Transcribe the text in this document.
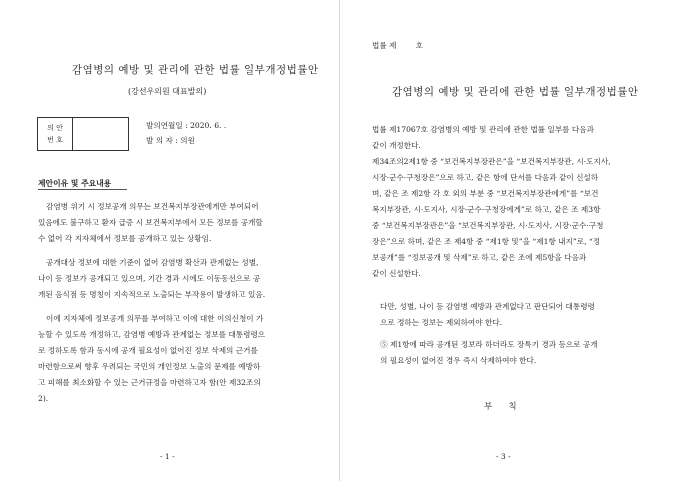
감염병의 예방 및 관리에 관한 법률 일부개정법률안
(강선우의원 대표발의)
의 안
번 호
발의연월일 : 2020. 6. .
발 의 자 : 의원
제안이유 및 주요내용
감염병 위기 시 정보공개 의무는 보건복지부장관에게만 부여되어
있음에도 불구하고 환자 급증 시 보건복지부에서 모든 정보를 공개할
수 없어 각 지자체에서 정보를 공개하고 있는 상황임.
공개대상 정보에 대한 기준이 없어 감염병 확산과 관계없는 성별,
나이 등 정보가 공개되고 있으며, 기간 경과 시에도 이동동선으로 공
개된 음식점 등 명칭이 지속적으로 노출되는 부작용이 발생하고 있음.
이에 지자체에 정보공개 의무를 부여하고 이에 대한 이의신청이 가
능할 수 있도록 개정하고, 감염병 예방과 관계없는 정보를 대통령령으
로 정하도록 함과 동시에 공개 필요성이 없어진 정보 삭제의 근거를
마련함으로써 향후 우려되는 국민의 개인정보 노출의 문제를 예방하
고 피해를 최소화할 수 있는 근거규정을 마련하고자 함(안 제32조의
2).
- 1 -
법률 제        호
감염병의 예방 및 관리에 관한 법률 일부개정법률안
법률 제17067호 감염병의 예방 및 관리에 관한 법률 일부를 다음과
같이 개정한다.
제34조의2제1항 중 “보건복지부장관은”을 “보건복지부장관, 시·도지사,
시장·군수·구청장은”으로 하고, 같은 항에 단서를 다음과 같이 신설하
며, 같은 조 제2항 각 호 외의 부분 중 “보건복지부장관에게”를 “보건
복지부장관, 시·도지사, 시장·군수·구청장에게”로 하고, 같은 조 제3항
중 “보건복지부장관은”을 “보건복지부장관, 시·도지사, 시장·군수·구청
장은”으로 하며, 같은 조 제4항 중 “제1항 및”을 “제1항 내지”로, “정
보공개”를 “정보공개 및 삭제”로 하고, 같은 조에 제5항을 다음과
같이 신설한다.
다만, 성별, 나이 등 감염병 예방과 관계없다고 판단되어 대통령령
으로 정하는 정보는 제외하여야 한다.
⑤ 제1항에 따라 공개된 정보라 하더라도 장특기 경과 등으로 공개
의 필요성이 없어진 경우 즉시 삭제하여야 한다.
부      칙
- 3 -
